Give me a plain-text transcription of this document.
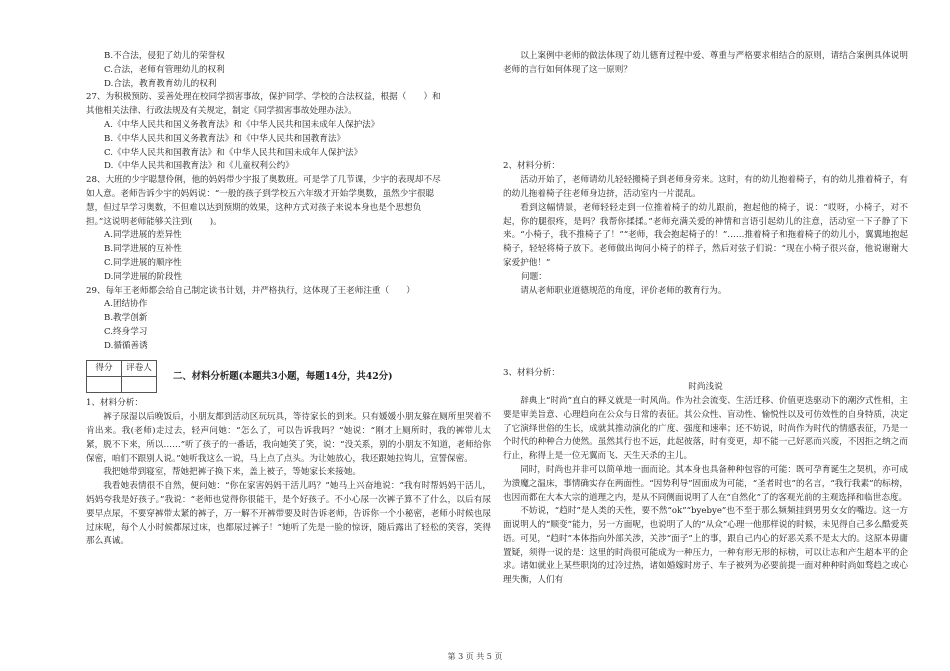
B.不合法，侵犯了幼儿的荣誉权
C.合法，老师有管理幼儿的权利
D.合法，教育教育幼儿的权利
27、为积极预防、妥善处理在校同学损害事故，保护同学、学校的合法权益，根据（　　）和
其他相关法律、行政法规及有关规定，制定《同学损害事故处理办法》。
A.《中华人民共和国义务教育法》和《中华人民共和国未成年人保护法》
B.《中华人民共和国义务教育法》和《中华人民共和国教育法》
C.《中华人民共和国教育法》和《中华人民共和国未成年人保护法》
D.《中华人民共和国教育法》和《儿童权利公约》
28、大班的少宇聪慧伶俐，他的妈妈带少宇报了奥数班。可是学了几节课，少宇的表现却不尽
如人意。老师告诉少宇的妈妈说：“一般的孩子到学校五六年级才开始学奥数，虽然少宇很聪
慧，但过早学习奥数，不但难以达到预期的效果，这种方式对孩子来说本身也是个思想负
担。”这说明老师能够关注到(　　)。
A.同学进展的差异性
B.同学进展的互补性
C.同学进展的顺序性
D.同学进展的阶段性
29、每年王老师都会给自己制定读书计划，并严格执行，这体现了王老师注重（　　）
A.团结协作
B.教学创新
C.终身学习
D.循循善诱
得分	评卷人

二、材料分析题(本题共3小题，每题14分，共42分)
1、材料分析：
裤子尿湿以后晚饭后，小朋友都到活动区玩玩具，等待家长的到来。只有媛媛小朋友躲在厕所里哭着不肯出来。我(老师)走过去，轻声问她：“怎么了，可以告诉我吗？”她说：“刚才上厕所时，我的裤带儿太紧，脱不下来，所以……”听了孩子的一番话，我向她笑了笑，说：“没关系，别的小朋友不知道，老师给你保密，咱们不跟别人说。”她听我这么一说，马上点了点头。为让她放心，我还跟她拉钩儿，宣誓保密。
我把她带到寝室，帮她把裤子换下来，盖上被子，等她家长来接她。
我看她表情很不自然，便问她：“你在家害妈妈干活儿吗？”她马上兴奋地说：“我有时帮妈妈干活儿，妈妈夸我是好孩子。”我说：“老师也觉得你很能干，是个好孩子。不小心尿一次裤子算不了什么，以后有尿要早点尿，不要穿裤带太紧的裤子，万一解不开裤带要及时告诉老师，告诉你一个小秘密，老师小时候也尿过床呢，每个人小时候都尿过床，也都尿过裤子！”她听了先是一脸的惊讶，随后露出了轻松的笑容，笑得那么真诚。
以上案例中老师的做法体现了幼儿德育过程中爱、尊重与严格要求相结合的原则，请结合案例具体说明老师的言行如何体现了这一原则？
2、材料分析：
活动开始了，老师请幼儿轻轻搬椅子到老师身旁来。这时，有的幼儿抱着椅子，有的幼儿推着椅子，有的幼儿拖着椅子往老师身边挤，活动室内一片混乱。
看到这幅情景，老师轻轻走到一位推着椅子的幼儿跟前，抱起他的椅子，说：“哎呀，小椅子，对不起，你的腿很疼，是吗？我帮你揉揉。”老师充满关爱的神情和言语引起幼儿的注意，活动室一下子静了下来。“小椅子，我不推椅子了！”“老师，我会抱起椅子的！”……推着椅子和拖着椅子的幼儿小，翼翼地抱起椅子，轻轻将椅子放下。老师做出询问小椅子的样子，然后对弦子们说：“现在小椅子很兴奋，他说谢谢大家爱护他！”
问题：
请从老师职业道德规范的角度，评价老师的教育行为。
3、材料分析：
时尚浅说
辞典上“时尚”直白的释义就是一时风尚。作为社会流变、生活迁移、价值更迭驱动下的潮汐式性相，主要是审美旨意、心理趋向在公众与日常的表征。其公众性、盲动性、愉悦性以及可仿效性的自身特质，决定了它演绎世俗的生长，成就其推动演化的广度、强度和速率；还不妨说，时尚作为时代的情感表征，乃是一个时代的种种合力使然。虽然其行也不远，此起彼落，时有变更，却不能一己好恶而兴废，不因拒之纳之而行止，称得上是一位无翼而飞、天生天杀的主儿。
同时，时尚也并非可以简单地一面而论。其本身也具备种种包容的可能：既可孕育诞生之契机，亦可成为溃魔之温床，事情确实存在两面性。“因势利导”固面成为可能，“圣者时也”的名言，“我行我素”的标榜，也因而都在大本大宗的道理之内，是从不同侧面说明了人在“自然化”了的客观光前的主观选择和临世态度。
不妨说，“趋时”是人类的天性，要不然“ok”“byebye”也不至于那么频频挂到男男女女的嘴边。这一方面说明人的“顺变”能力，另一方面呢，也说明了人的“从众”心理一他那样说的时候，未见得自己多么酷爱英语。可见，“趋时”本体指向外部关涉，关涉“面子”上的事，跟自己内心的好恶关系不是太大的。这原本毋庸置疑，须得一说的是：这里的时尚很可能成为一种压力，一种有形无形的标榜，可以让志和产生超本平的企求。诸如就业上某些职岗的过冷过热，诸如婚嫁时房子、车子被列为必要前提一面对种种时尚如骛趋之或心理失衡，人们有
第 3 页 共 5 页
